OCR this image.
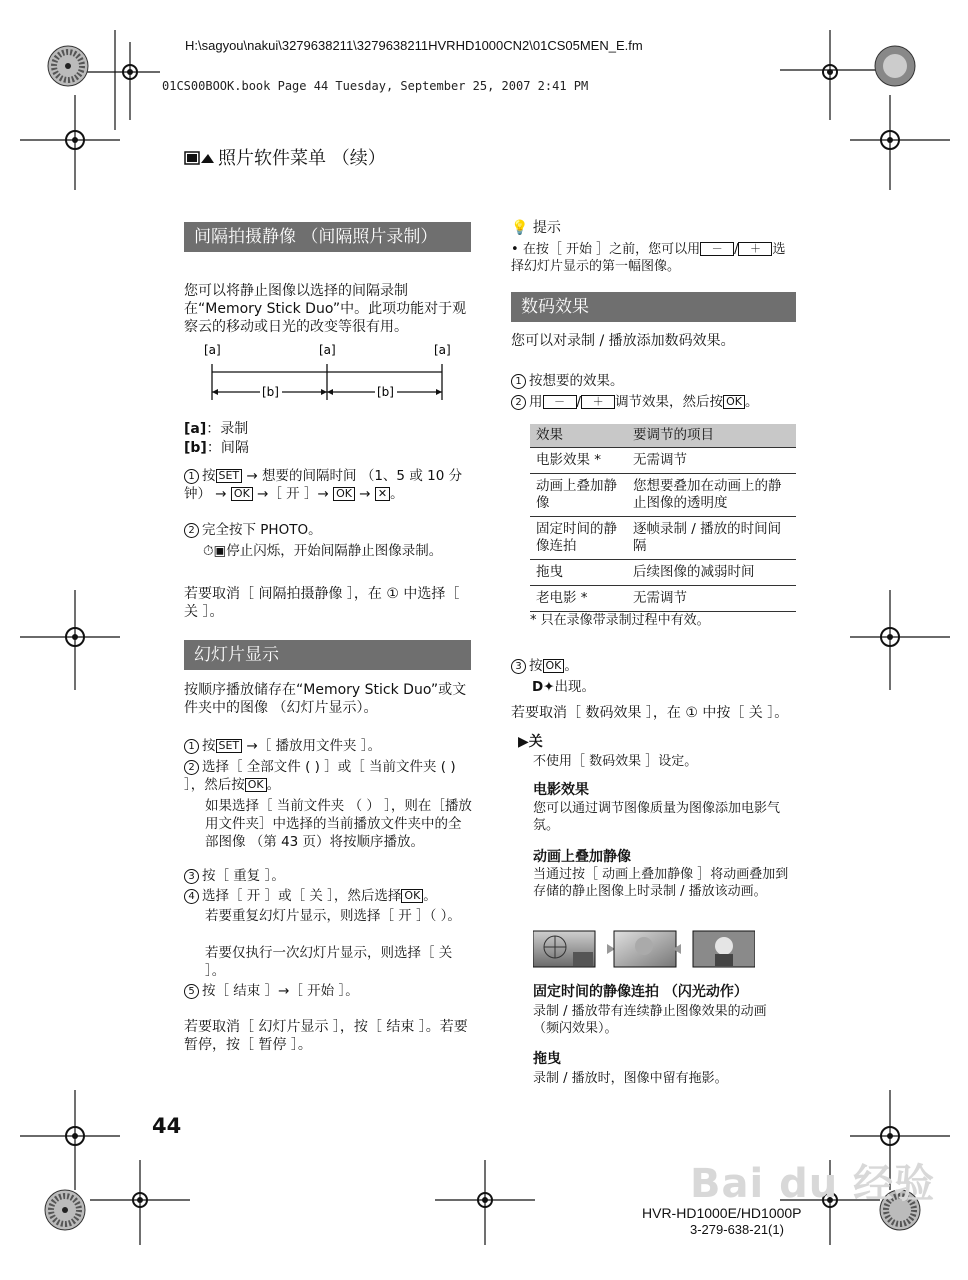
H:\sagyou\nakui\3279638211\3279638211HVRHD1000CN2\01CS05MEN_E.fm
01CS00BOOK.book Page 44 Tuesday, September 25, 2007 2:41 PM
照片软件菜单 （续）
间隔拍摄静像 （间隔照片录制）
您可以将静止图像以选择的间隔录制在“Memory Stick Duo”中。此项功能对于观察云的移动或日光的改变等很有用。
[a]	[a]	[a]
[b]	[b]
[a]：录制
[b]：间隔
1 按 SET → 想要的间隔时间 （1、5 或 10 分钟） → OK →［ 开 ］→ OK → ✕ 。
2 完全按下 PHOTO。
⏱▣停止闪烁，开始间隔静止图像录制。
若要取消［ 间隔拍摄静像 ］，在 ① 中选择［ 关 ］。
幻灯片显示
按顺序播放储存在“Memory Stick Duo”或文件夹中的图像 （幻灯片显示）。
1 按 SET →［ 播放用文件夹 ］。
2 选择［ 全部文件 ( ) ］或［ 当前文件夹 ( ) ］，然后按 OK 。
如果选择［ 当前文件夹 （ ） ］，则在［播放用文件夹］中选择的当前播放文件夹中的全部图像 （第 43 页）将按顺序播放。
3 按［ 重复 ］。
4 选择［ 开 ］或［ 关 ］，然后选择 OK 。
若要重复幻灯片显示，则选择［ 开 ］（ ）。
若要仅执行一次幻灯片显示，则选择［ 关 ］。
5 按［ 结束 ］→［ 开始 ］。
若要取消［ 幻灯片显示 ］，按［ 结束 ］。若要暂停，按［ 暂停 ］。
44
💡 提示
• 在按［ 开始 ］之前，您可以用 － / ＋ 选择幻灯片显示的第一幅图像。
数码效果
您可以对录制 / 播放添加数码效果。
1 按想要的效果。
2 用 － / ＋ 调节效果，然后按 OK 。
效果	要调节的项目
电影效果 *	无需调节
动画上叠加静像	您想要叠加在动画上的静止图像的透明度
固定时间的静像连拍	逐帧录制 / 播放的时间间隔
拖曳	后续图像的减弱时间
老电影 *	无需调节
* 只在录像带录制过程中有效。
3 按 OK 。
D✦出现。
若要取消［ 数码效果 ］，在 ① 中按［ 关 ］。
▶关
不使用［ 数码效果 ］设定。
电影效果
您可以通过调节图像质量为图像添加电影气氛。
动画上叠加静像
当通过按［ 动画上叠加静像 ］将动画叠加到存储的静止图像上时录制 / 播放该动画。
固定时间的静像连拍 （闪光动作）
录制 / 播放带有连续静止图像效果的动画 （频闪效果）。
拖曳
录制 / 播放时，图像中留有拖影。
Bai du 经验
HVR-HD1000E/HD1000P
3-279-638-21(1)
